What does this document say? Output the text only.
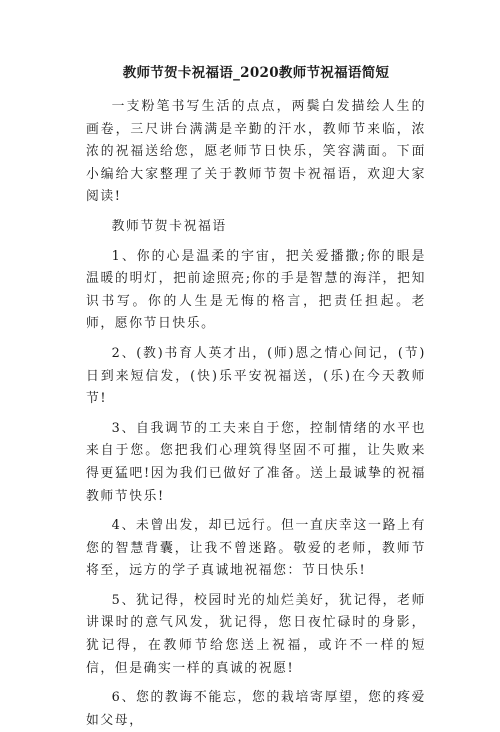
教师节贺卡祝福语_2020教师节祝福语简短

一支粉笔书写生活的点点，两鬓白发描绘人生的画卷，三尺讲台满满是辛勤的汗水，教师节来临，浓浓的祝福送给您，愿老师节日快乐，笑容满面。下面小编给大家整理了关于教师节贺卡祝福语，欢迎大家阅读!

教师节贺卡祝福语

1、你的心是温柔的宇宙，把关爱播撒;你的眼是温暖的明灯，把前途照亮;你的手是智慧的海洋，把知识书写。你的人生是无悔的格言，把责任担起。老师，愿你节日快乐。

2、(教)书育人英才出，(师)恩之情心间记，(节)日到来短信发，(快)乐平安祝福送，(乐)在今天教师节!

3、自我调节的工夫来自于您，控制情绪的水平也来自于您。您把我们心理筑得坚固不可摧，让失败来得更猛吧!因为我们已做好了准备。送上最诚挚的祝福教师节快乐!

4、未曾出发，却已远行。但一直庆幸这一路上有您的智慧背囊，让我不曾迷路。敬爱的老师，教师节将至，远方的学子真诚地祝福您：节日快乐!

5、犹记得，校园时光的灿烂美好，犹记得，老师讲课时的意气风发，犹记得，您日夜忙碌时的身影，犹记得，在教师节给您送上祝福，或许不一样的短信，但是确实一样的真诚的祝愿!

6、您的教诲不能忘，您的栽培寄厚望，您的疼爱如父母，
